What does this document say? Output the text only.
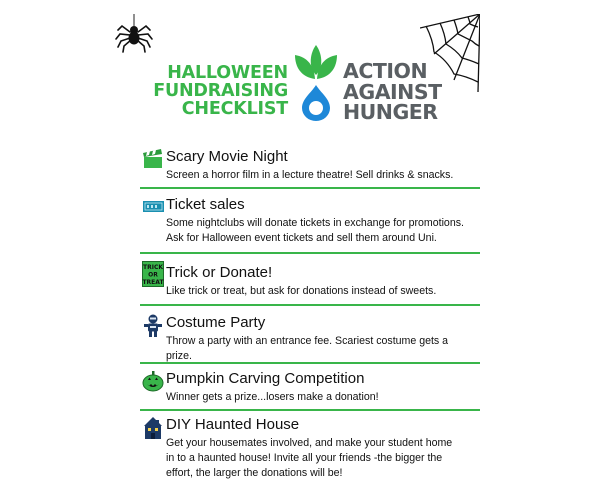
HALLOWEEN
FUNDRAISING
CHECKLIST
ACTION
AGAINST
HUNGER
Scary Movie Night
Screen a horror film in a lecture theatre! Sell drinks & snacks.
Ticket sales
Some nightclubs will donate tickets in exchange for promotions.
Ask for Halloween event tickets and sell them around Uni.
TRICK
OR
TREAT
Trick or Donate!
Like trick or treat, but ask for donations instead of sweets.
Costume Party
Throw a party with an entrance fee. Scariest costume gets a
prize.
Pumpkin Carving Competition
Winner gets a prize...losers make a donation!
DIY Haunted House
Get your housemates involved, and make your student home
in to a haunted house! Invite all your friends -the bigger the
effort, the larger the donations will be!
